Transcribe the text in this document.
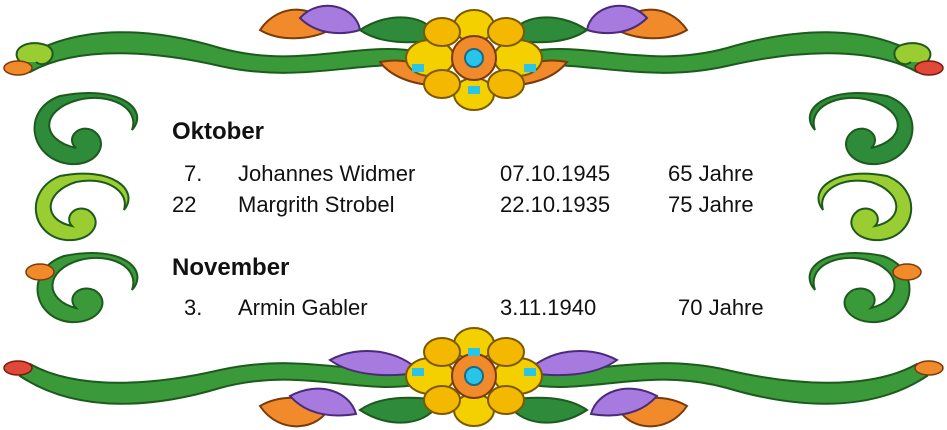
Oktober
7. Johannes Widmer	07.10.1945	65 Jahre
22 Margrith Strobel	22.10.1935	75 Jahre
November
3. Armin Gabler	3.11.1940	70 Jahre
